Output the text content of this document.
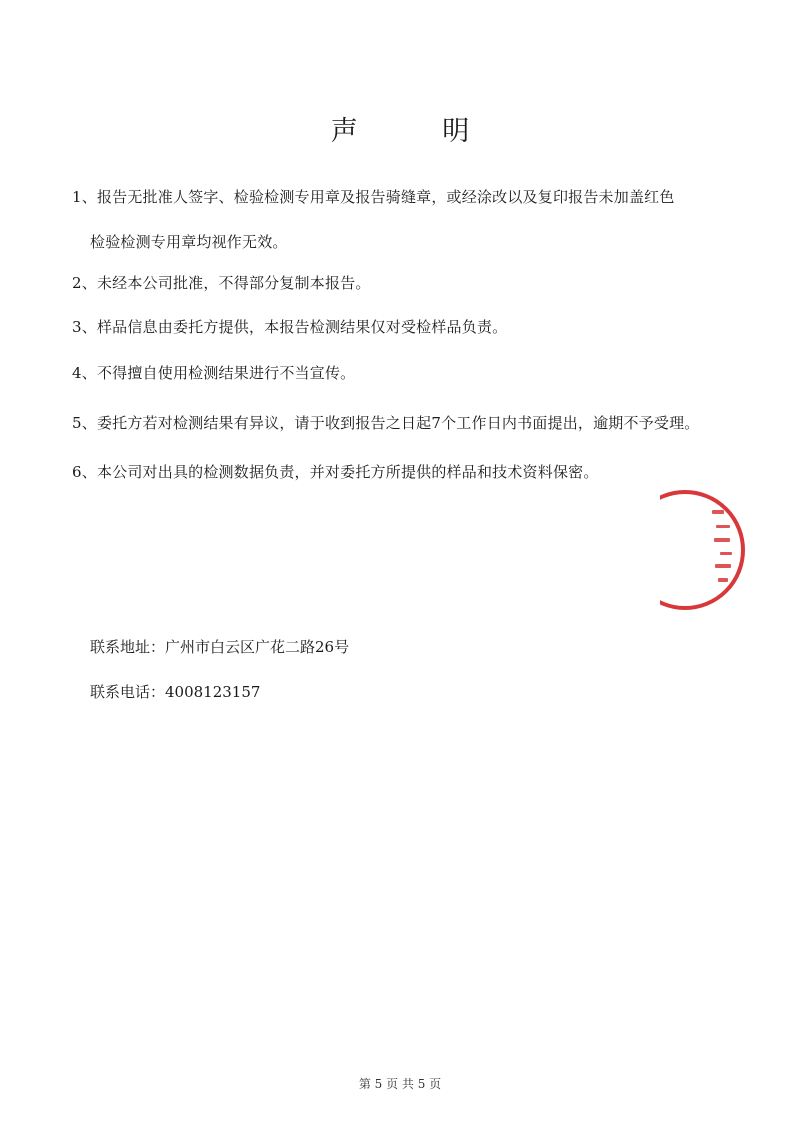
声 明
1、报告无批准人签字、检验检测专用章及报告骑缝章，或经涂改以及复印报告未加盖红色
检验检测专用章均视作无效。
2、未经本公司批准，不得部分复制本报告。
3、样品信息由委托方提供，本报告检测结果仅对受检样品负责。
4、不得擅自使用检测结果进行不当宣传。
5、委托方若对检测结果有异议，请于收到报告之日起7个工作日内书面提出，逾期不予受理。
6、本公司对出具的检测数据负责，并对委托方所提供的样品和技术资料保密。
联系地址：广州市白云区广花二路26号
联系电话：4008123157
第 5 页 共 5 页
